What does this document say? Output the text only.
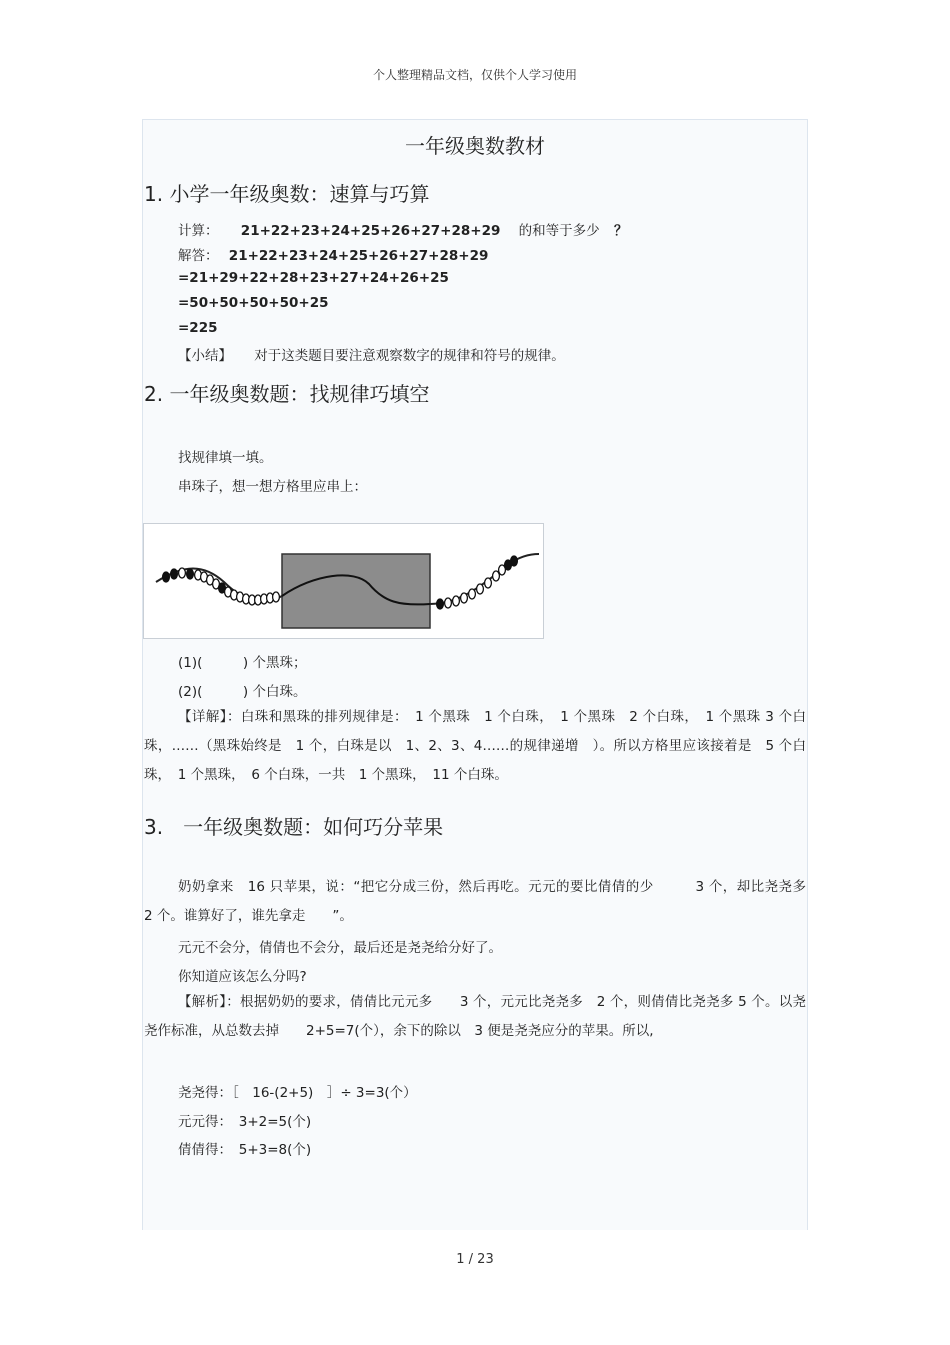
个人整理精品文档，仅供个人学习使用
一年级奥数教材
1. 小学一年级奥数：速算与巧算
计算： 21+22+23+24+25+26+27+28+29 的和等于多少 ？
解答： 21+22+23+24+25+26+27+28+29
=21+29+22+28+23+27+24+26+25
=50+50+50+50+25
=225
【小结】 对于这类题目要注意观察数字的规律和符号的规律。
2. 一年级奥数题：找规律巧填空
找规律填一填。
串珠子，想一想方格里应串上：
(1)(　　　) 个黑珠；
(2)(　　　) 个白珠。
【详解】：白珠和黑珠的排列规律是：　1 个黑珠　1 个白珠，　1 个黑珠　2 个白珠，　1 个黑珠 3 个白珠，……（黑珠始终是　1 个，白珠是以　1、2、3、4……的规律递增　）。所以方格里应该接着是　5 个白珠，　1 个黑珠，　6 个白珠，一共　1 个黑珠，　11 个白珠。
3.　一年级奥数题：如何巧分苹果
奶奶拿来　16 只苹果，说：“把它分成三份，然后再吃。元元的要比倩倩的少　　　3 个，却比尧尧多　2 个。谁算好了，谁先拿走　　”。
元元不会分，倩倩也不会分，最后还是尧尧给分好了。
你知道应该怎么分吗?
【解析】：根据奶奶的要求，倩倩比元元多　　3 个，元元比尧尧多　2 个，则倩倩比尧尧多 5 个。以尧尧作标准，从总数去掉　　2+5=7(个），余下的除以　3 便是尧尧应分的苹果。所以,
尧尧得：［　16-(2+5)　］÷ 3=3(个）
元元得：　3+2=5(个)
倩倩得：　5+3=8(个)
1 / 23
